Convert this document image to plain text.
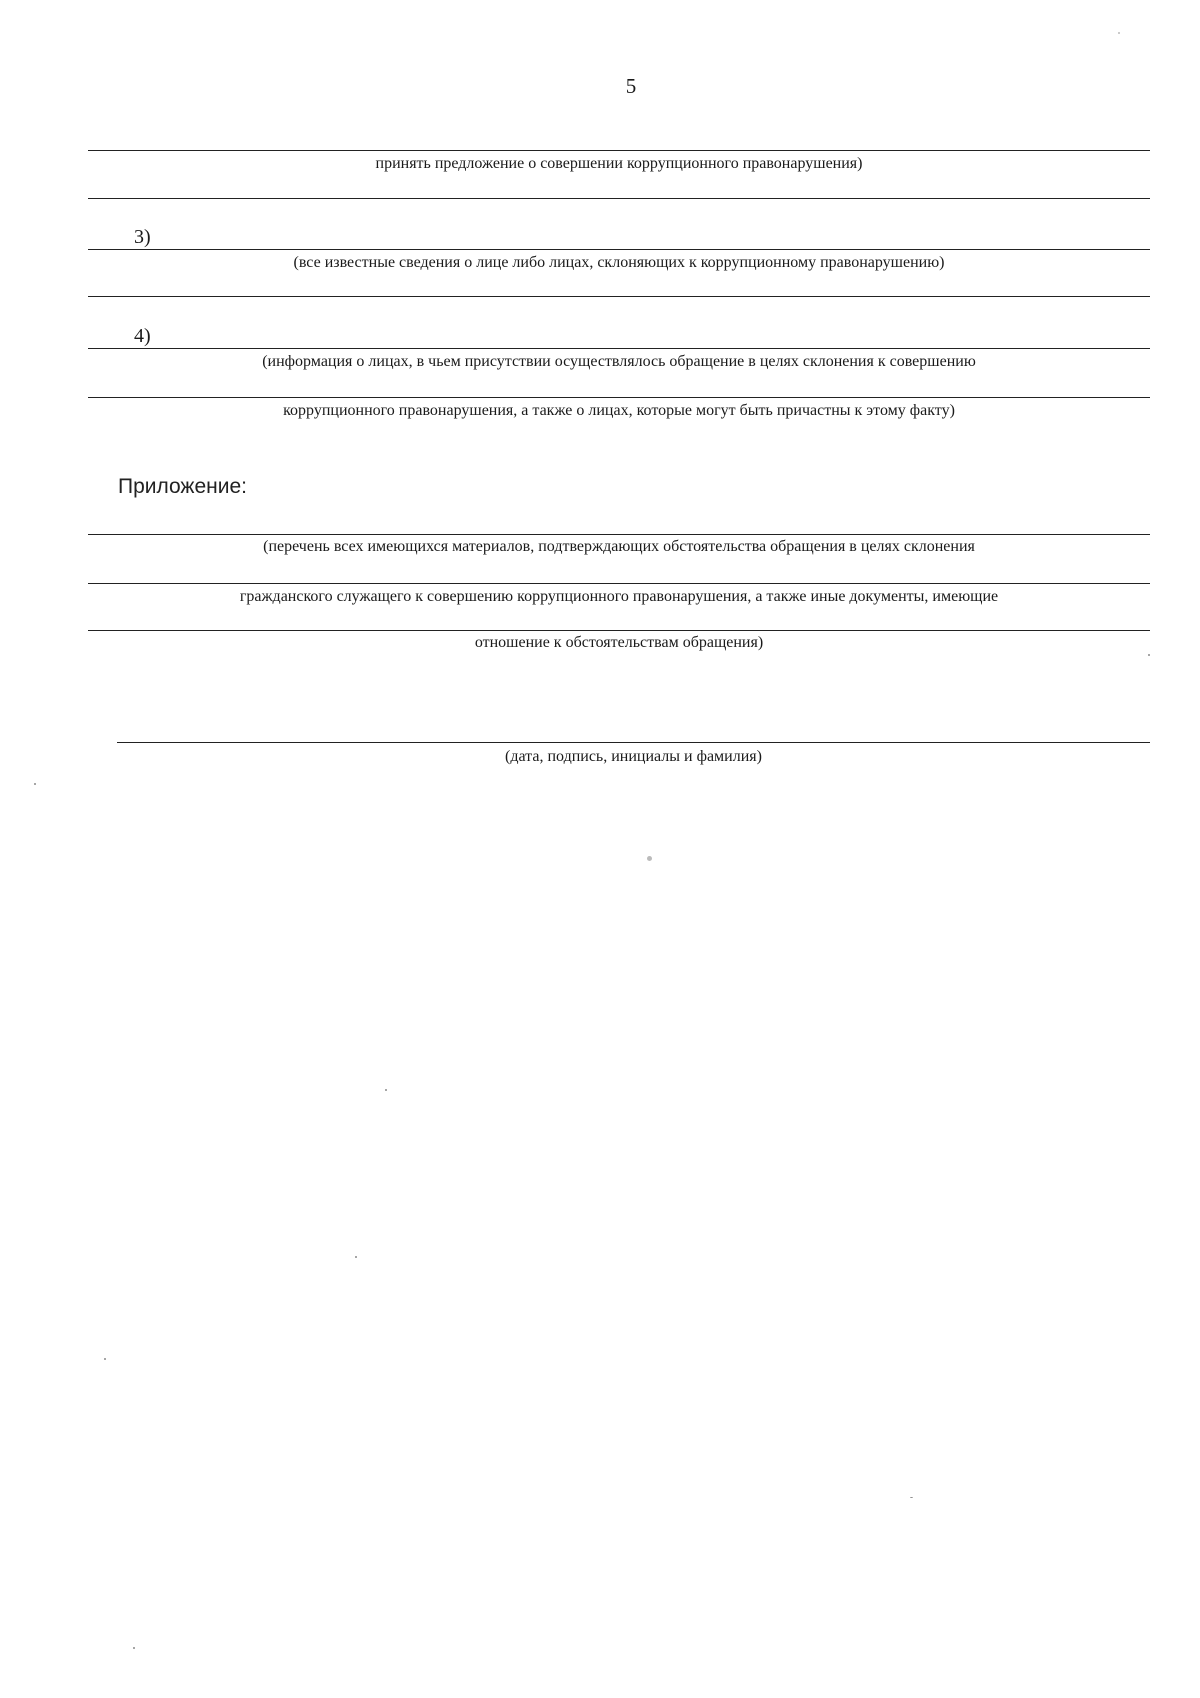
5
принять предложение о совершении коррупционного правонарушения)
3)
(все известные сведения о лице либо лицах, склоняющих к коррупционному правонарушению)
4)
(информация о лицах, в чьем присутствии осуществлялось обращение в целях склонения к совершению
коррупционного правонарушения, а также о лицах, которые могут быть причастны к этому факту)
Приложение:
(перечень всех имеющихся материалов, подтверждающих обстоятельства обращения в целях склонения
гражданского служащего к совершению коррупционного правонарушения, а также иные документы, имеющие
отношение к обстоятельствам обращения)
(дата, подпись, инициалы и фамилия)
